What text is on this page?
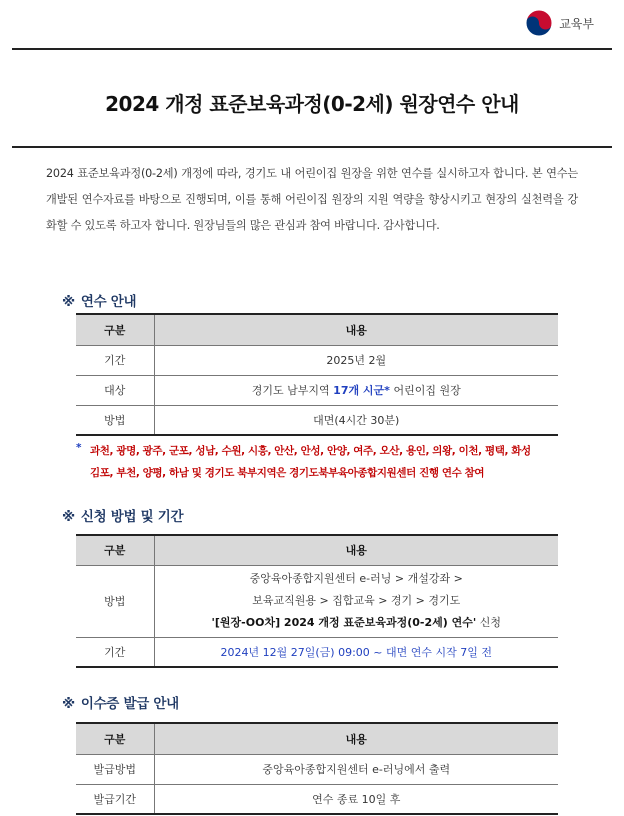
교육부
2024 개정 표준보육과정(0-2세) 원장연수 안내

2024 표준보육과정(0-2세) 개정에 따라, 경기도 내 어린이집 원장을 위한 연수를 실시하고자 합니다. 본 연수는 개발된 연수자료를 바탕으로 진행되며, 이를 통해 어린이집 원장의 지원 역량을 향상시키고 현장의 실천력을 강화할 수 있도록 하고자 합니다. 원장님들의 많은 관심과 참여 바랍니다. 감사합니다.

※ 연수 안내
구분	내용
기간	2025년 2월
대상	경기도 남부지역 17개 시군* 어린이집 원장
방법	대면(4시간 30분)
* 과천, 광명, 광주, 군포, 성남, 수원, 시흥, 안산, 안성, 안양, 여주, 오산, 용인, 의왕, 이천, 평택, 화성
김포, 부천, 양평, 하남 및 경기도 북부지역은 경기도북부육아종합지원센터 진행 연수 참여
※ 신청 방법 및 기간
구분	내용
방법	중앙육아종합지원센터 e-러닝 > 개설강좌 >
보육교직원용 > 집합교육 > 경기 > 경기도
'[원장-OO차] 2024 개정 표준보육과정(0-2세) 연수' 신청

기간	2024년 12월 27일(금) 09:00 ~ 대면 연수 시작 7일 전
※ 이수증 발급 안내
구분	내용
발급방법	중앙육아종합지원센터 e-러닝에서 출력
발급기간	연수 종료 10일 후
